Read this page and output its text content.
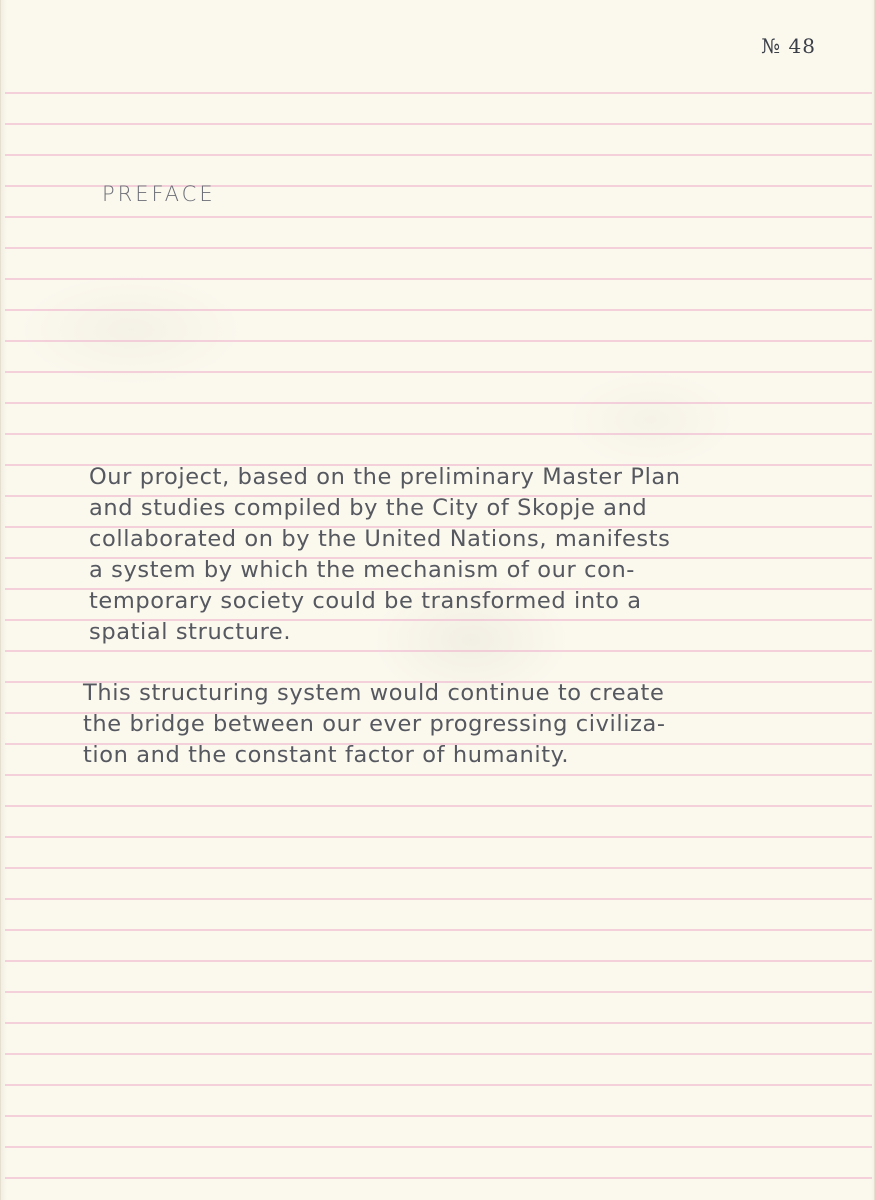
№ 48
PREFACE

Our project, based on the preliminary Master Plan
and studies compiled by the City of Skopje and
collaborated on by the United Nations, manifests
a system by which the mechanism of our con-
temporary society could be transformed into a
spatial structure.

This structuring system would continue to create
the bridge between our ever progressing civiliza-
tion and the constant factor of humanity.
